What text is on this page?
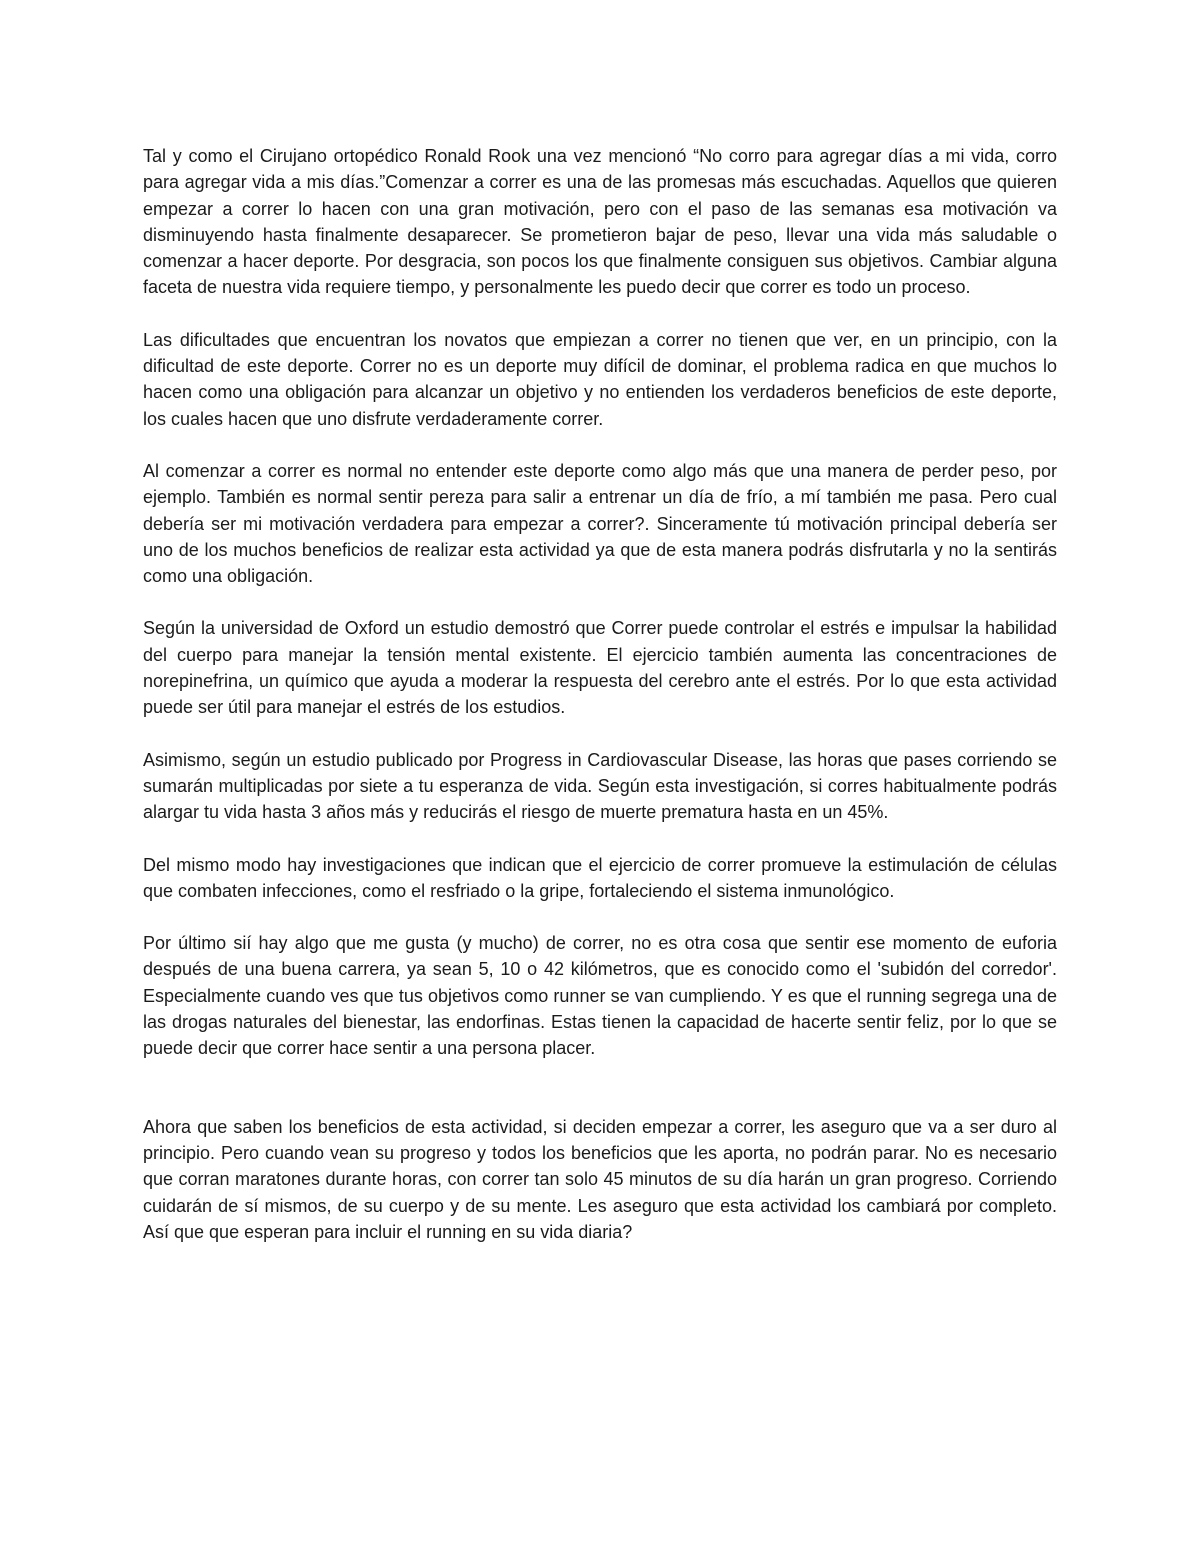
Tal y como el Cirujano ortopédico Ronald Rook una vez mencionó “No corro para agregar días a mi vida, corro para agregar vida a mis días.”Comenzar a correr es una de las promesas más escuchadas. Aquellos que quieren empezar a correr lo hacen con una gran motivación, pero con el paso de las semanas esa motivación va disminuyendo hasta finalmente desaparecer. Se prometieron bajar de peso, llevar una vida más saludable o comenzar a hacer deporte. Por desgracia, son pocos los que finalmente consiguen sus objetivos. Cambiar alguna faceta de nuestra vida requiere tiempo, y personalmente les puedo decir que correr es todo un proceso.

Las dificultades que encuentran los novatos que empiezan a correr no tienen que ver, en un principio, con la dificultad de este deporte. Correr no es un deporte muy difícil de dominar, el problema radica en que muchos lo hacen como una obligación para alcanzar un objetivo y no entienden los verdaderos beneficios de este deporte, los cuales hacen que uno disfrute verdaderamente correr.

Al comenzar a correr es normal no entender este deporte como algo más que una manera de perder peso, por ejemplo. También es normal sentir pereza para salir a entrenar un día de frío, a mí también me pasa. Pero cual debería ser mi motivación verdadera para empezar a correr?. Sinceramente tú motivación principal debería ser uno de los muchos beneficios de realizar esta actividad ya que de esta manera podrás disfrutarla y no la sentirás como una obligación.

Según la universidad de Oxford un estudio demostró que Correr puede controlar el estrés e impulsar la habilidad del cuerpo para manejar la tensión mental existente. El ejercicio también aumenta las concentraciones de norepinefrina, un químico que ayuda a moderar la respuesta del cerebro ante el estrés. Por lo que esta actividad puede ser útil para manejar el estrés de los estudios.

Asimismo, según un estudio publicado por Progress in Cardiovascular Disease, las horas que pases corriendo se sumarán multiplicadas por siete a tu esperanza de vida. Según esta investigación, si corres habitualmente podrás alargar tu vida hasta 3 años más y reducirás el riesgo de muerte prematura hasta en un 45%.

Del mismo modo hay investigaciones que indican que el ejercicio de correr promueve la estimulación de células que combaten infecciones, como el resfriado o la gripe, fortaleciendo el sistema inmunológico.

Por último sií hay algo que me gusta (y mucho) de correr, no es otra cosa que sentir ese momento de euforia después de una buena carrera, ya sean 5, 10 o 42 kilómetros, que es conocido como el 'subidón del corredor'. Especialmente cuando ves que tus objetivos como runner se van cumpliendo. Y es que el running segrega una de las drogas naturales del bienestar, las endorfinas. Estas tienen la capacidad de hacerte sentir feliz, por lo que se puede decir que correr hace sentir a una persona placer.

Ahora que saben los beneficios de esta actividad, si deciden empezar a correr, les aseguro que va a ser duro al principio. Pero cuando vean su progreso y todos los beneficios que les aporta, no podrán parar. No es necesario que corran maratones durante horas, con correr tan solo 45 minutos de su día harán un gran progreso. Corriendo cuidarán de sí mismos, de su cuerpo y de su mente. Les aseguro que esta actividad los cambiará por completo. Así que que esperan para incluir el running en su vida diaria?
